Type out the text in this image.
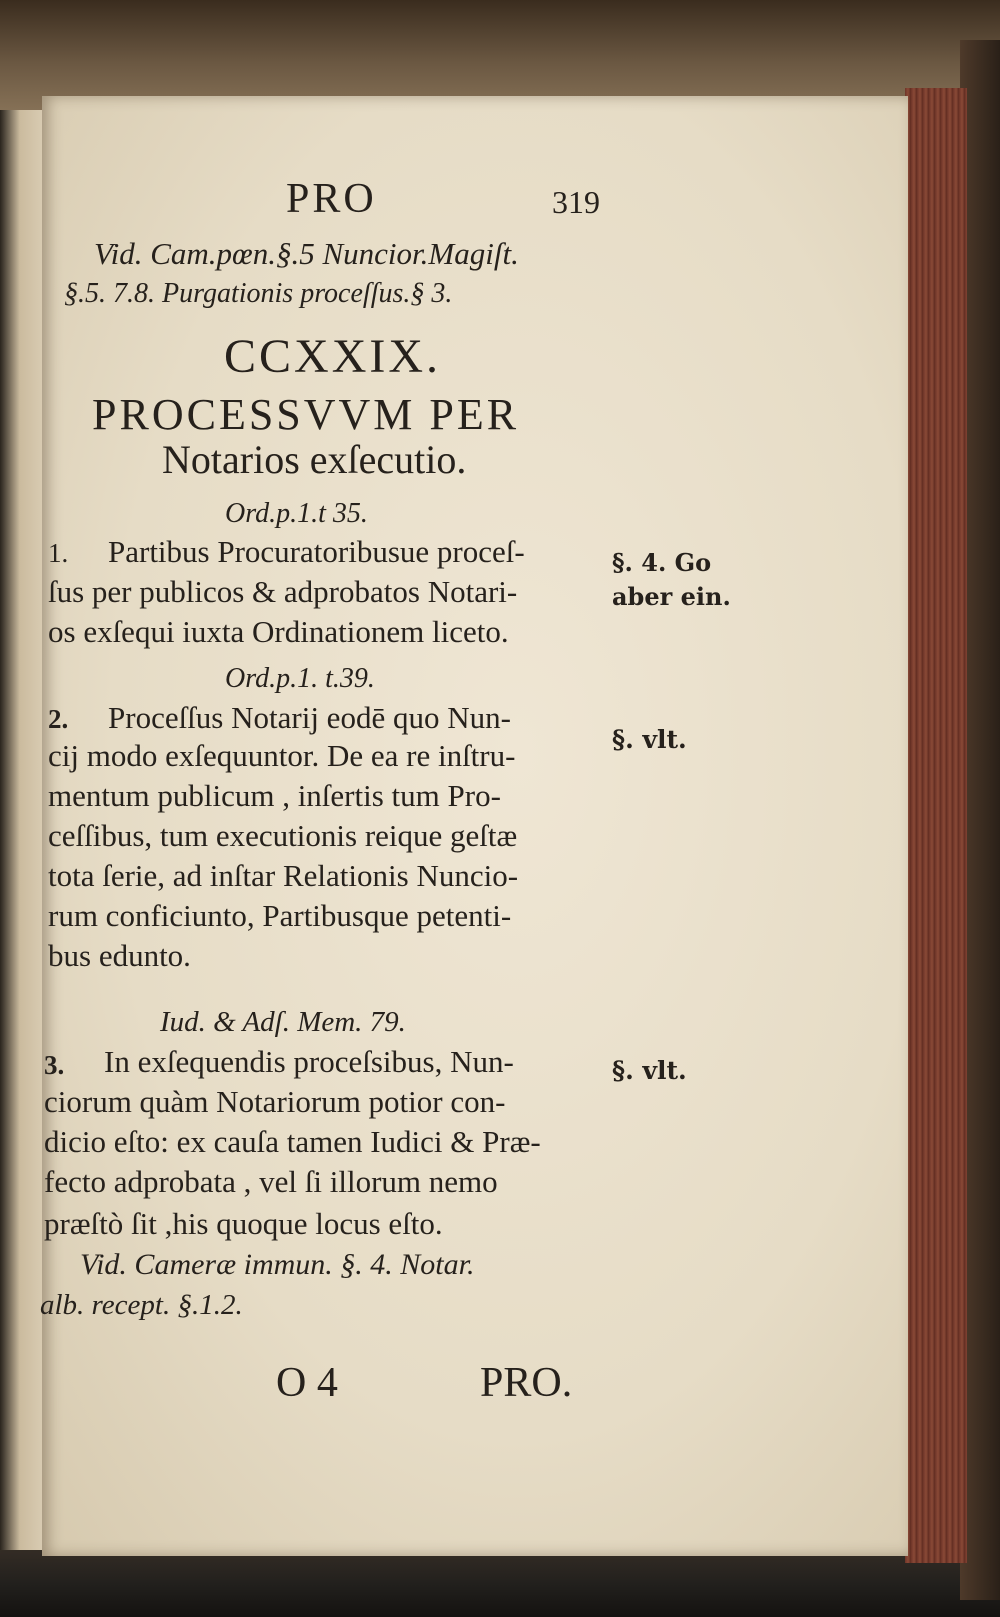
PRO	319
Vid. Cam.pœn.§.5 Nuncior.Magiſt.
§.5. 7.8. Purgationis proceſſus.§ 3.
CCXXIX.
PROCESSVVM PER
Notarios exſecutio.
Ord.p.1.t 35.
1. Partibus Procuratoribusue proceſ-
ſus per publicos & adprobatos Notari-
os exſequi iuxta Ordinationem liceto.
§. 4. Go aber ein.
Ord.p.1. t.39.
2. Proceſſus Notarij eodē quo Nun-
cij modo exſequuntor. De ea re inſtru-
mentum publicum , inſertis tum Pro-
ceſſibus, tum executionis reique geſtæ
tota ſerie, ad inſtar Relationis Nuncio-
rum conficiunto, Partibusque petenti-
bus edunto.
§. vlt.
Iud. & Adſ. Mem. 79.
3. In exſequendis proceſsibus, Nun-
ciorum quàm Notariorum potior con-
dicio eſto: ex cauſa tamen Iudici & Præ-
fecto adprobata , vel ſi illorum nemo
præſtò ſit ,his quoque locus eſto.
§. vlt.
Vid. Cameræ immun. §. 4. Notar.
alb. recept. §.1.2.
O 4	PRO.
